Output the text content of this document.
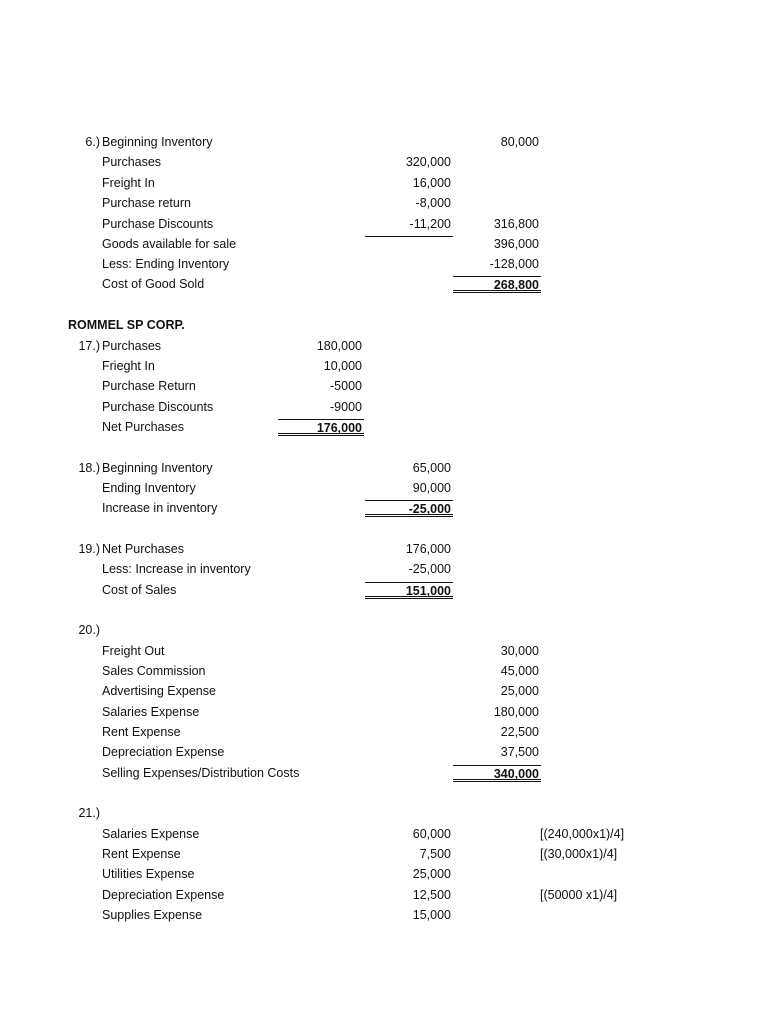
6.) Beginning Inventory	80,000
Purchases	320,000
Freight In	16,000
Purchase return	-8,000
Purchase Discounts	-11,200	316,800
Goods available for sale	396,000
Less: Ending Inventory	-128,000
Cost of Good Sold	268,800
ROMMEL SP CORP.
17.) Purchases	180,000
Frieght In	10,000
Purchase Return	-5000
Purchase Discounts	-9000
Net Purchases	176,000
18.) Beginning Inventory	65,000
Ending Inventory	90,000
Increase in inventory	-25,000
19.) Net Purchases	176,000
Less: Increase in inventory	-25,000
Cost of Sales	151,000
20.)
Freight Out	30,000
Sales Commission	45,000
Advertising Expense	25,000
Salaries Expense	180,000
Rent Expense	22,500
Depreciation Expense	37,500
Selling Expenses/Distribution Costs	340,000
21.)
Salaries Expense	60,000	[(240,000x1)/4]
Rent Expense	7,500	[(30,000x1)/4]
Utilities Expense	25,000
Depreciation Expense	12,500	[(50000 x1)/4]
Supplies Expense	15,000
